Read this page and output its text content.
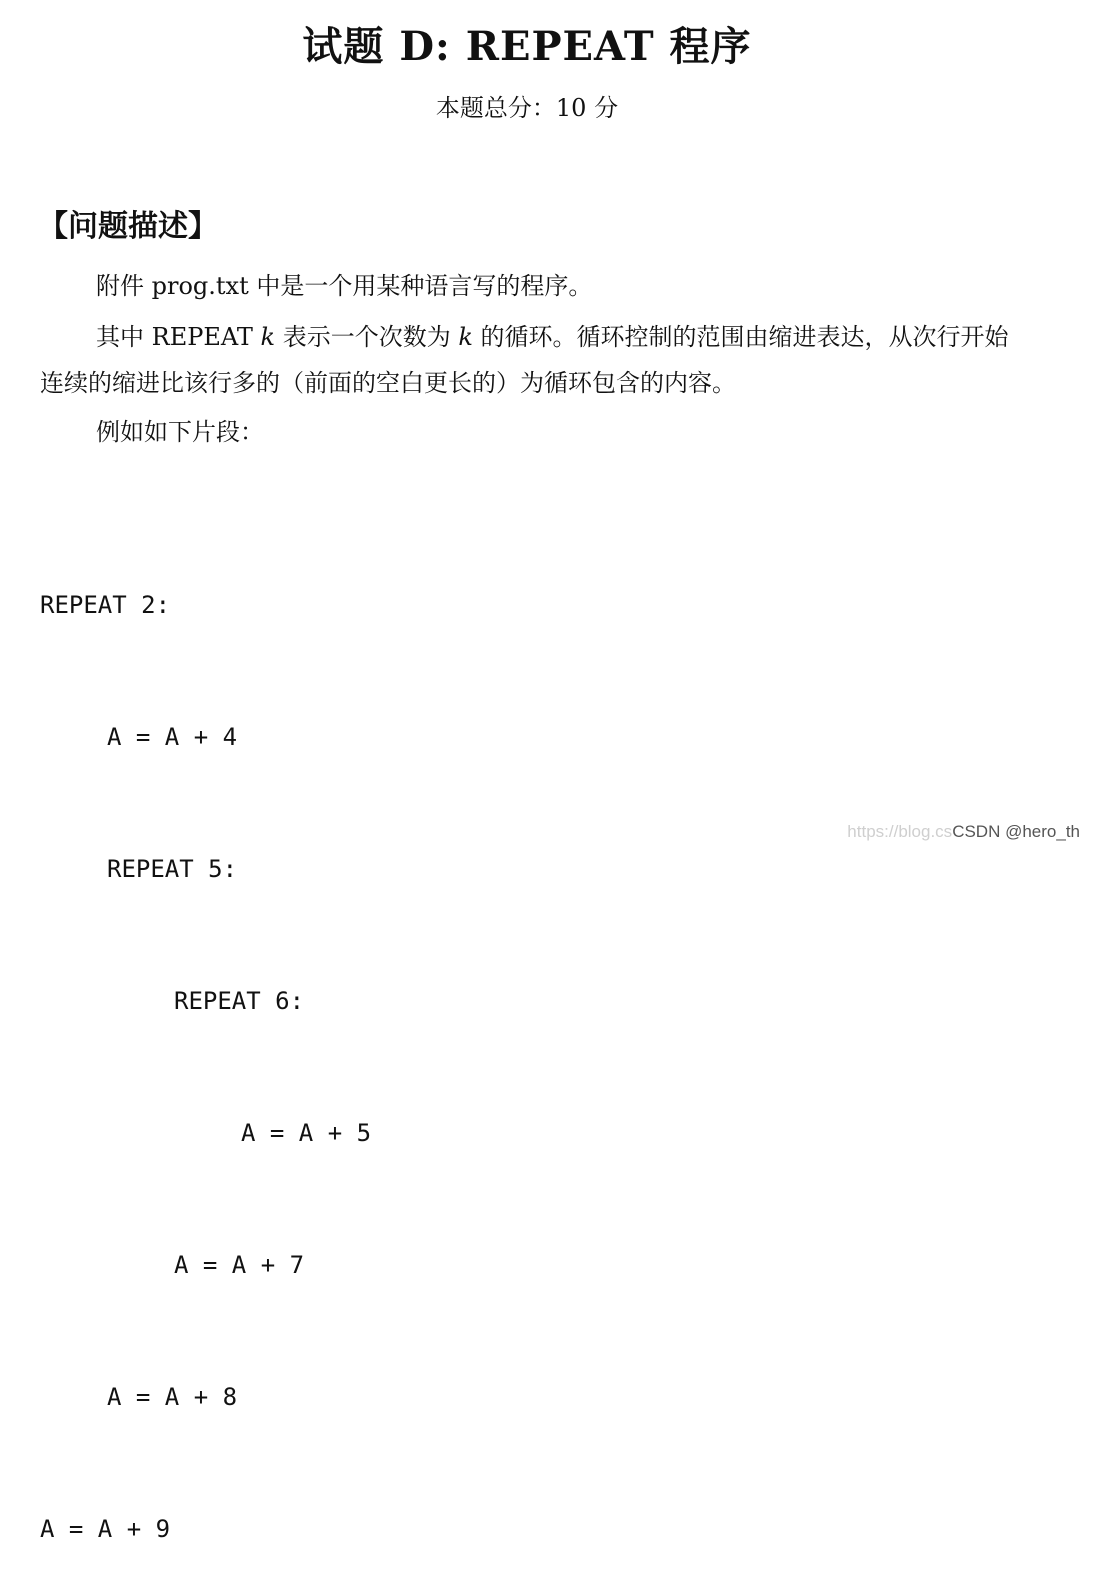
试题 D: REPEAT 程序
本题总分：10 分
【问题描述】
附件 prog.txt 中是一个用某种语言写的程序。
其中 REPEAT k 表示一个次数为 k 的循环。循环控制的范围由缩进表达，从次行开始连续的缩进比该行多的（前面的空白更长的）为循环包含的内容。
例如如下片段：

REPEAT 2:

A = A + 4

REPEAT 5:

REPEAT 6:

A = A + 5

A = A + 7

A = A + 8

A = A + 9

https://blog.csCSDN @hero_th
